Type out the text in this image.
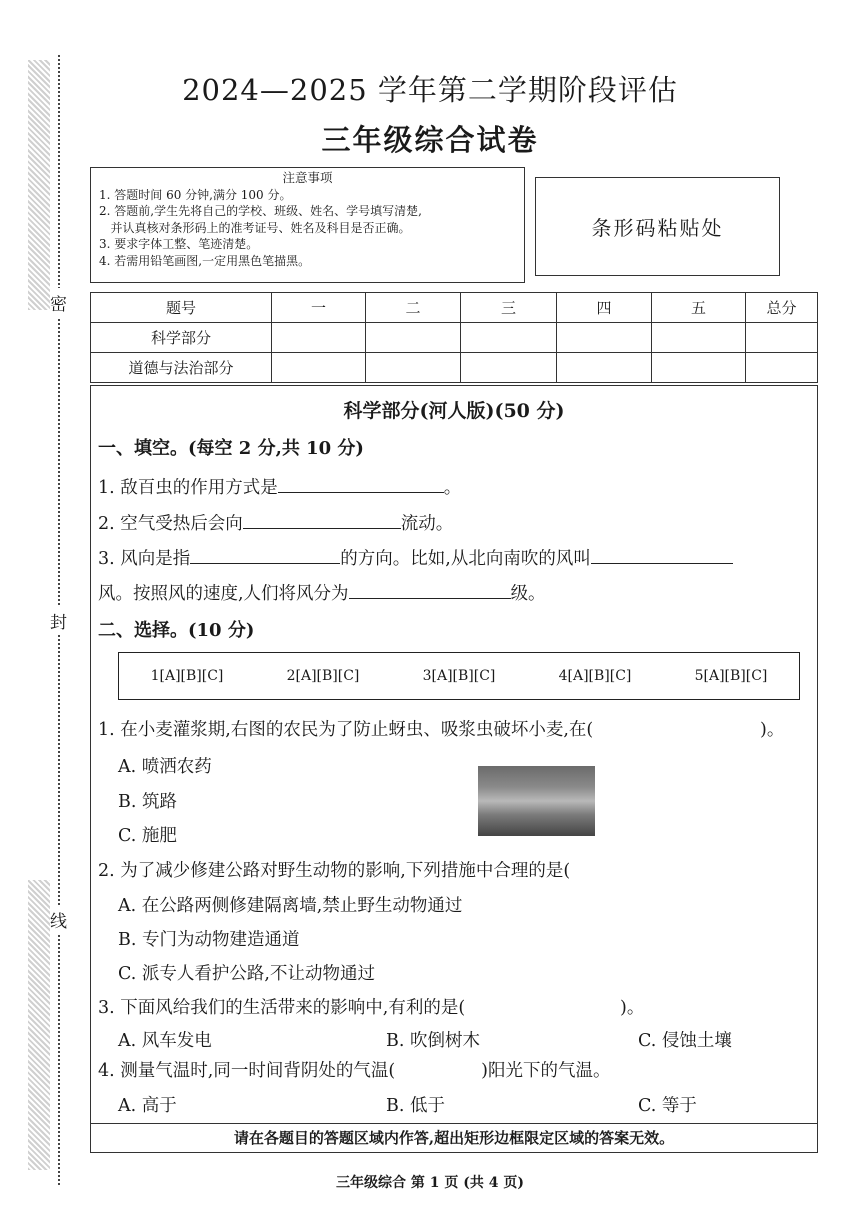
密
封
线
2024—2025 学年第二学期阶段评估
三年级综合试卷
注意事项
1. 答题时间 60 分钟,满分 100 分。
2. 答题前,学生先将自己的学校、班级、姓名、学号填写清楚,
并认真核对条形码上的准考证号、姓名及科目是否正确。
3. 要求字体工整、笔迹清楚。
4. 若需用铅笔画图,一定用黑色笔描黑。
条形码粘贴处
题号	一	二	三	四	五	总分
科学部分						
道德与法治部分						
科学部分(河人版)(50 分)
一、填空。(每空 2 分,共 10 分)
1. 敌百虫的作用方式是	。
2. 空气受热后会向	流动。
3. 风向是指	的方向。比如,从北向南吹的风叫
风。按照风的速度,人们将风分为	级。
二、选择。(10 分)
1[A][B][C]	2[A][B][C]	3[A][B][C]	4[A][B][C]	5[A][B][C]
1. 在小麦灌浆期,右图的农民为了防止蚜虫、吸浆虫破坏小麦,在(	)。
A. 喷洒农药
B. 筑路
C. 施肥
2. 为了减少修建公路对野生动物的影响,下列措施中合理的是(
A. 在公路两侧修建隔离墙,禁止野生动物通过
B. 专门为动物建造通道
C. 派专人看护公路,不让动物通过
3. 下面风给我们的生活带来的影响中,有利的是(	)。
A. 风车发电	B. 吹倒树木	C. 侵蚀土壤
4. 测量气温时,同一时间背阴处的气温(	)阳光下的气温。
A. 高于	B. 低于	C. 等于
请在各题目的答题区域内作答,超出矩形边框限定区域的答案无效。
三年级综合 第 1 页 (共 4 页)
